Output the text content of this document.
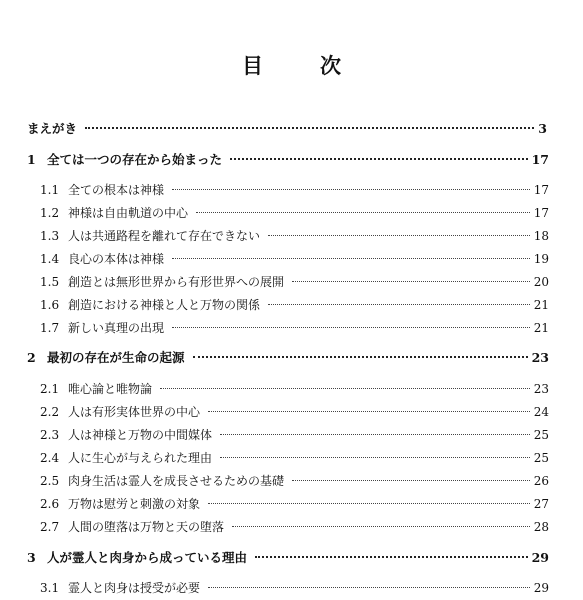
目　次
まえがき	3
1 全ては一つの存在から始まった	17
1.1 全ての根本は神様	17
1.2 神様は自由軌道の中心	17
1.3 人は共通路程を離れて存在できない	18
1.4 良心の本体は神様	19
1.5 創造とは無形世界から有形世界への展開	20
1.6 創造における神様と人と万物の関係	21
1.7 新しい真理の出現	21
2 最初の存在が生命の起源	23
2.1 唯心論と唯物論	23
2.2 人は有形実体世界の中心	24
2.3 人は神様と万物の中間媒体	25
2.4 人に生心が与えられた理由	25
2.5 肉身生活は霊人を成長させるための基礎	26
2.6 万物は慰労と刺激の対象	27
2.7 人間の堕落は万物と天の堕落	28
3 人が霊人と肉身から成っている理由	29
3.1 霊人と肉身は授受が必要	29
